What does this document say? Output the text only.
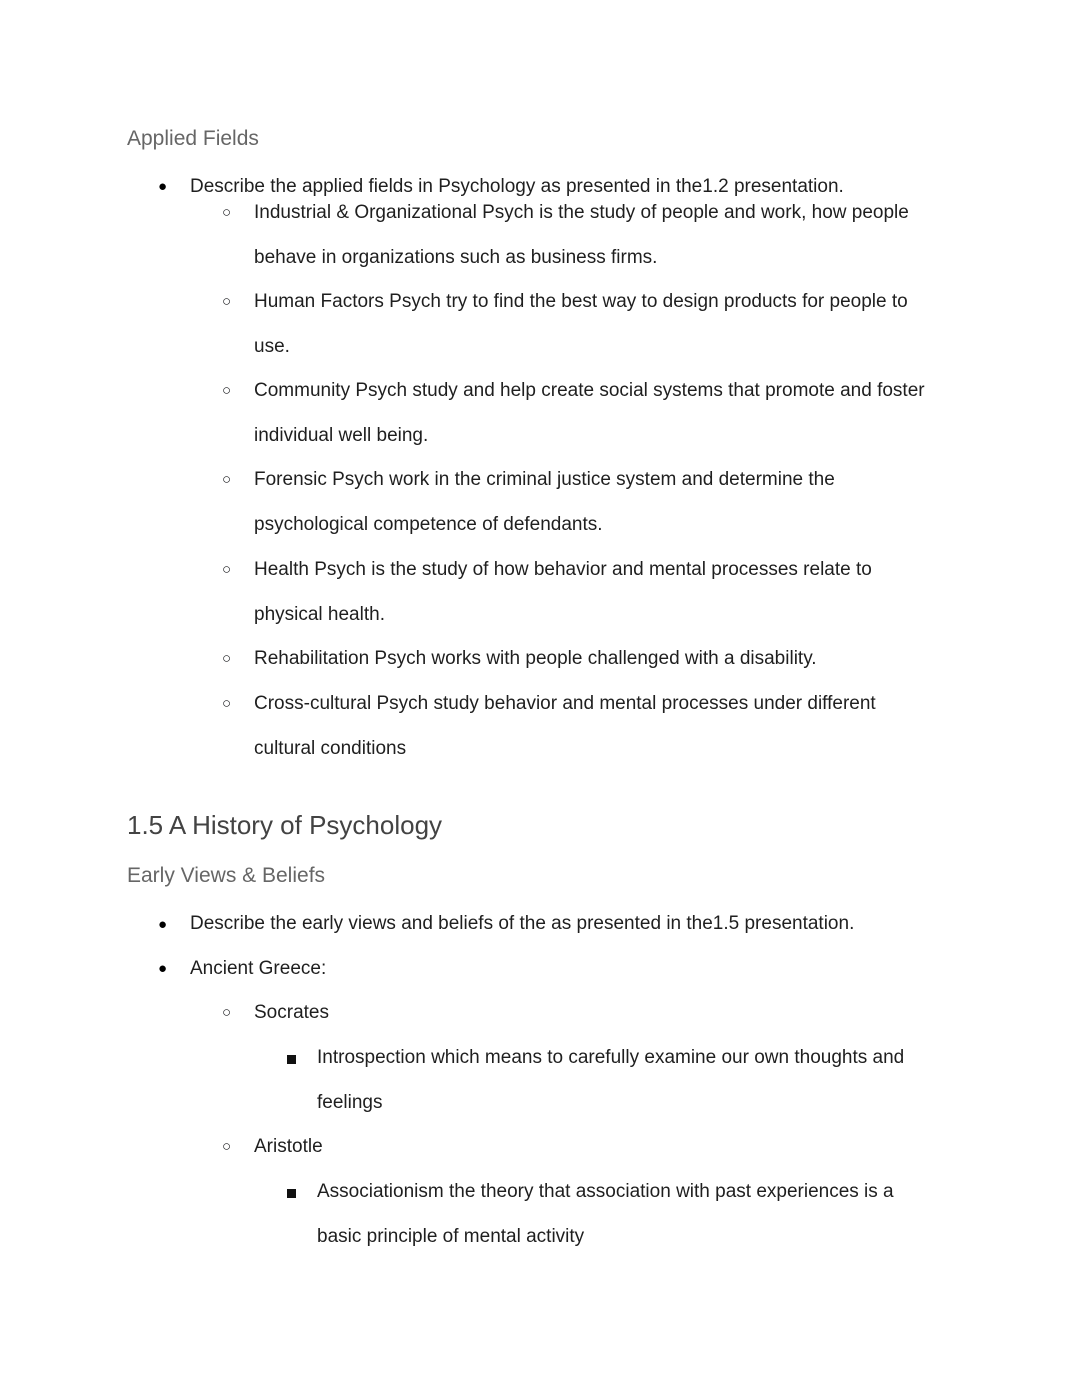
Applied Fields
● Describe the applied fields in Psychology as presented in the1.2 presentation.
○ Industrial & Organizational Psych is the study of people and work, how people
behave in organizations such as business firms.
○ Human Factors Psych try to find the best way to design products for people to
use.
○ Community Psych study and help create social systems that promote and foster
individual well being.
○ Forensic Psych work in the criminal justice system and determine the
psychological competence of defendants.
○ Health Psych is the study of how behavior and mental processes relate to
physical health.
○ Rehabilitation Psych works with people challenged with a disability.
○ Cross-cultural Psych study behavior and mental processes under different
cultural conditions
1.5 A History of Psychology
Early Views & Beliefs
● Describe the early views and beliefs of the as presented in the1.5 presentation.
● Ancient Greece:
○ Socrates
Introspection which means to carefully examine our own thoughts and
feelings
○ Aristotle
Associationism the theory that association with past experiences is a
basic principle of mental activity
